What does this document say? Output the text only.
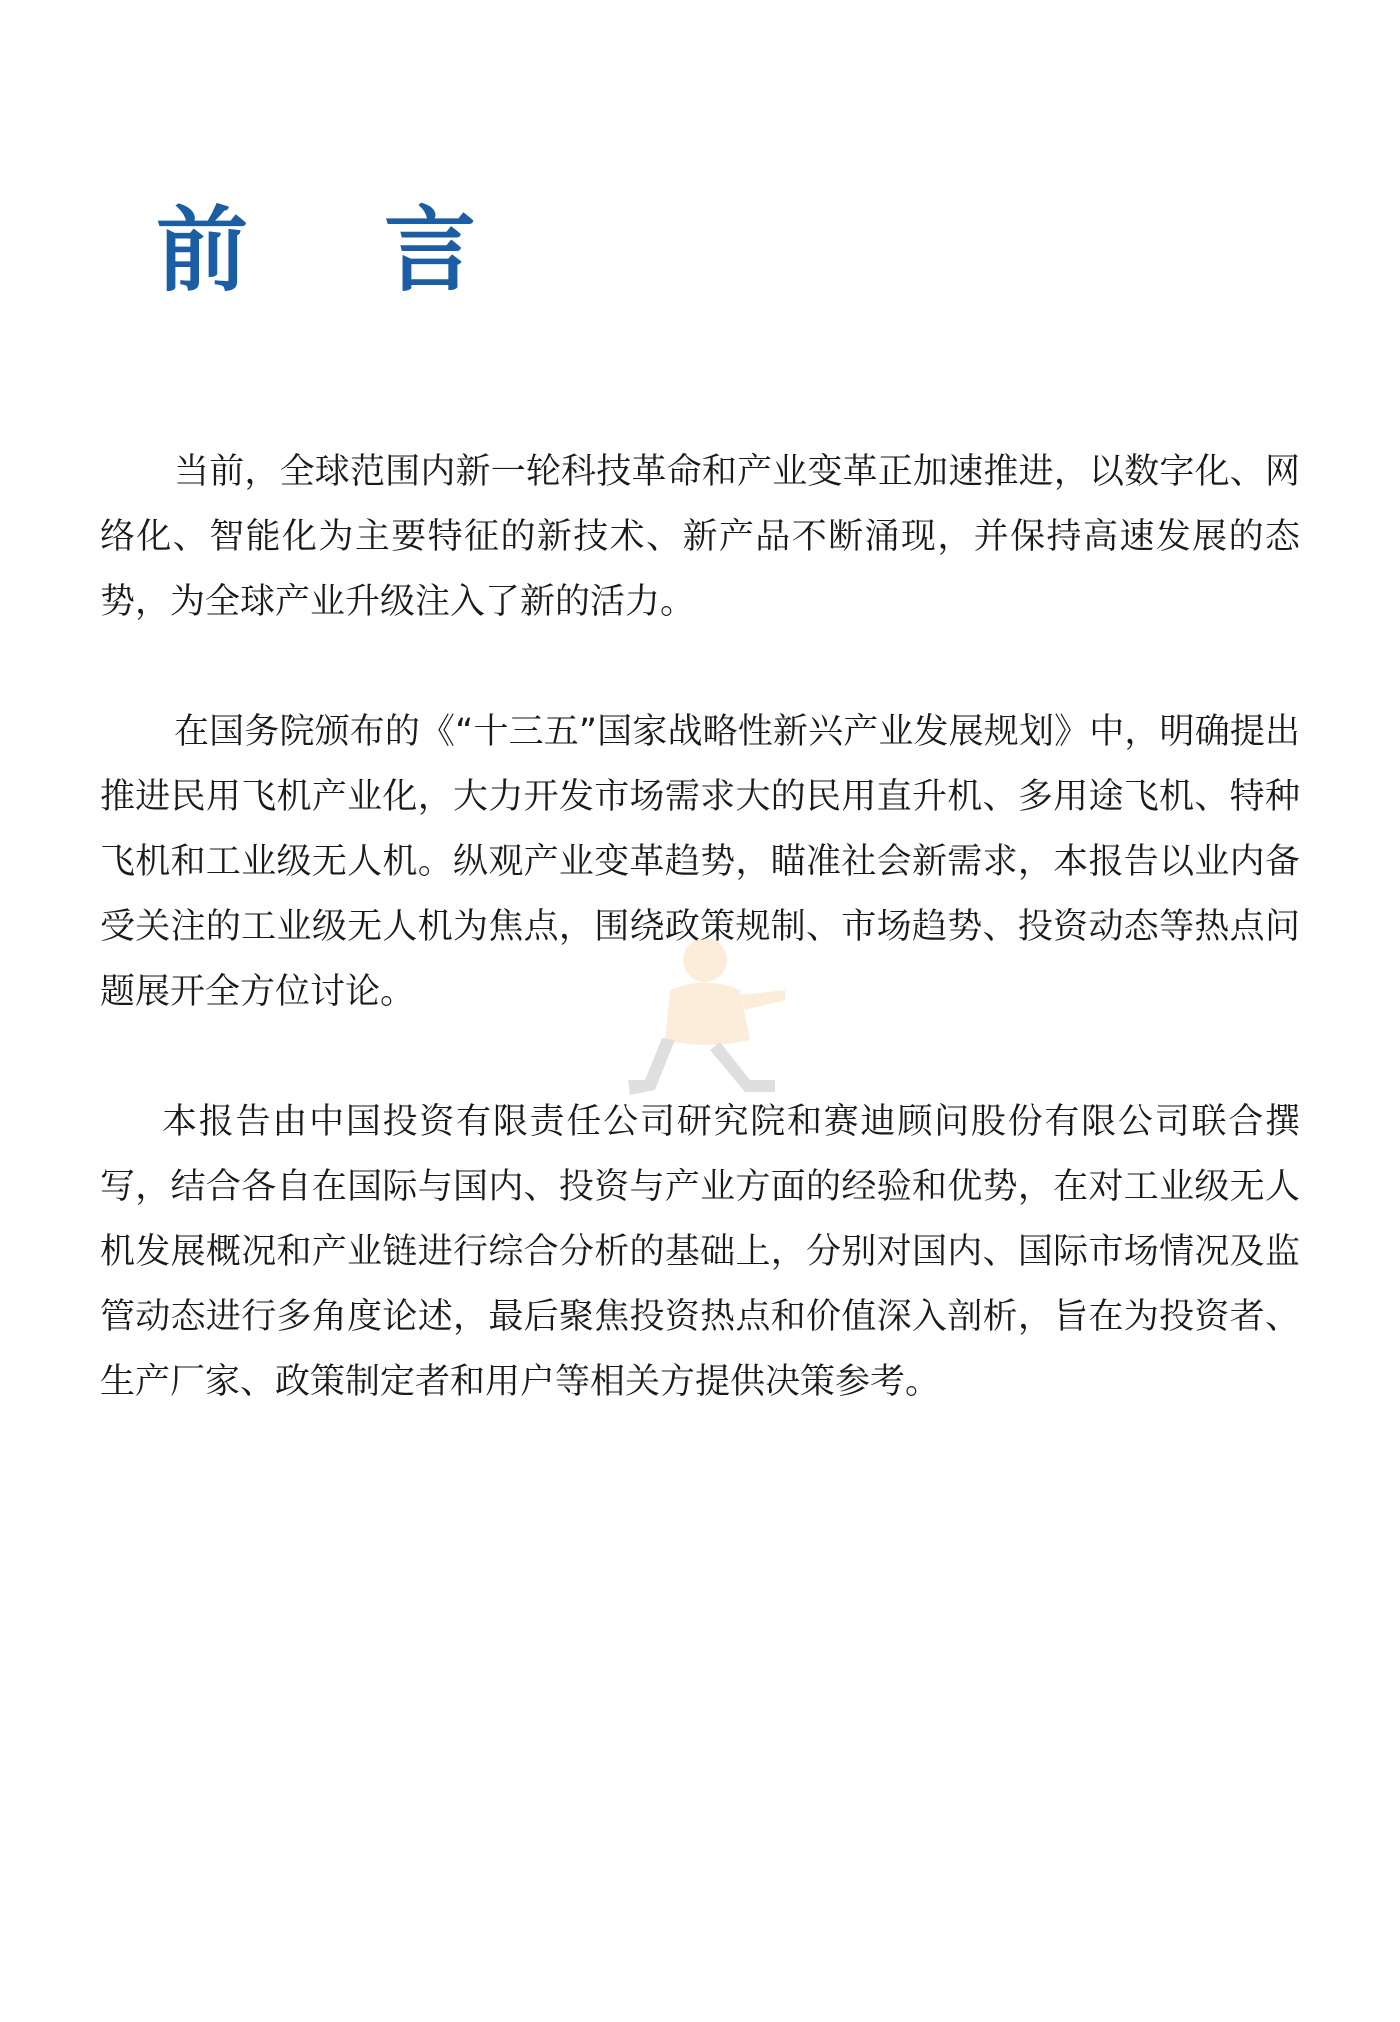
前 言

当前，全球范围内新一轮科技革命和产业变革正加速推进，以数字化、网络化、智能化为主要特征的新技术、新产品不断涌现，并保持高速发展的态势，为全球产业升级注入了新的活力。

在国务院颁布的《“十三五”国家战略性新兴产业发展规划》中，明确提出推进民用飞机产业化，大力开发市场需求大的民用直升机、多用途飞机、特种飞机和工业级无人机。纵观产业变革趋势，瞄准社会新需求，本报告以业内备受关注的工业级无人机为焦点，围绕政策规制、市场趋势、投资动态等热点问题展开全方位讨论。

本报告由中国投资有限责任公司研究院和赛迪顾问股份有限公司联合撰写，结合各自在国际与国内、投资与产业方面的经验和优势，在对工业级无人机发展概况和产业链进行综合分析的基础上，分别对国内、国际市场情况及监管动态进行多角度论述，最后聚焦投资热点和价值深入剖析，旨在为投资者、生产厂家、政策制定者和用户等相关方提供决策参考。
